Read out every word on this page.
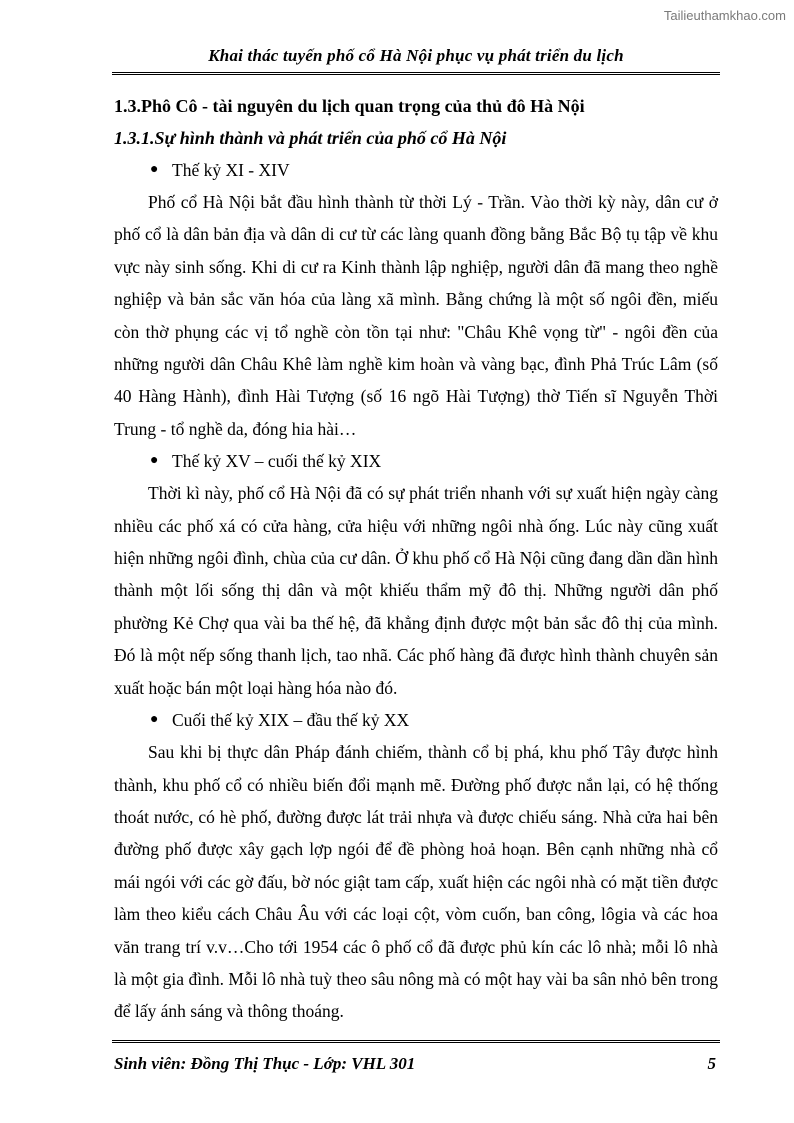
Tailieuthamkhao.com
Khai thác tuyến phố cổ Hà Nội phục vụ phát triển du lịch

1.3.Phô Cô - tài nguyên du lịch quan trọng của thủ đô Hà Nội

1.3.1.Sự hình thành và phát triển của phố cổ Hà Nội

● Thế kỷ XI - XIV

Phố cổ Hà Nội bắt đầu hình thành từ thời Lý - Trần. Vào thời kỳ này, dân cư ở phố cổ là dân bản địa và dân di cư từ các làng quanh đồng bằng Bắc Bộ tụ tập về khu vực này sinh sống. Khi di cư ra Kinh thành lập nghiệp, người dân đã mang theo nghề nghiệp và bản sắc văn hóa của làng xã mình. Bằng chứng là một số ngôi đền, miếu còn thờ phụng các vị tổ nghề còn tồn tại như: "Châu Khê vọng từ" - ngôi đền của những người dân Châu Khê làm nghề kim hoàn và vàng bạc, đình Phả Trúc Lâm (số 40 Hàng Hành), đình Hài Tượng (số 16 ngõ Hài Tượng) thờ Tiến sĩ Nguyễn Thời Trung - tổ nghề da, đóng hia hài…

● Thế kỷ XV – cuối thế kỷ XIX

Thời kì này, phố cổ Hà Nội đã có sự phát triển nhanh với sự xuất hiện ngày càng nhiều các phố xá có cửa hàng, cửa hiệu với những ngôi nhà ống. Lúc này cũng xuất hiện những ngôi đình, chùa của cư dân. Ở khu phố cổ Hà Nội cũng đang dần dần hình thành một lối sống thị dân và một khiếu thẩm mỹ đô thị. Những người dân phố phường Kẻ Chợ qua vài ba thế hệ, đã khẳng định được một bản sắc đô thị của mình. Đó là một nếp sống thanh lịch, tao nhã. Các phố hàng đã được hình thành chuyên sản xuất hoặc bán một loại hàng hóa nào đó.

● Cuối thế kỷ XIX – đầu thế kỷ XX

Sau khi bị thực dân Pháp đánh chiếm, thành cổ bị phá, khu phố Tây được hình thành, khu phố cổ có nhiều biến đổi mạnh mẽ. Đường phố được nắn lại, có hệ thống thoát nước, có hè phố, đường được lát trải nhựa và được chiếu sáng. Nhà cửa hai bên đường phố được xây gạch lợp ngói để đề phòng hoả hoạn. Bên cạnh những nhà cổ mái ngói với các gờ đấu, bờ nóc giật tam cấp, xuất hiện các ngôi nhà có mặt tiền được làm theo kiểu cách Châu Âu với các loại cột, vòm cuốn, ban công, lôgia và các hoa văn trang trí v.v…Cho tới 1954 các ô phố cổ đã được phủ kín các lô nhà; mỗi lô nhà là một gia đình. Mỗi lô nhà tuỳ theo sâu nông mà có một hay vài ba sân nhỏ bên trong để lấy ánh sáng và thông thoáng.

Sinh viên: Đồng Thị Thục - Lớp: VHL 301	5
